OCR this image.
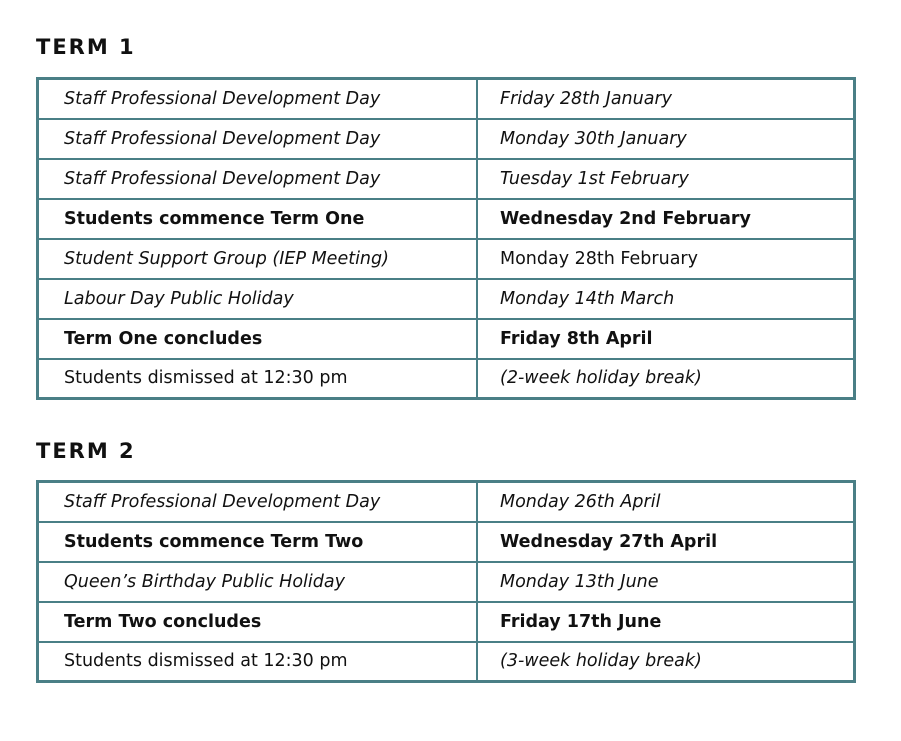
TERM 1
Staff Professional Development Day	Friday 28th January
Staff Professional Development Day	Monday 30th January
Staff Professional Development Day	Tuesday 1st February
Students commence Term One	Wednesday 2nd February
Student Support Group (IEP Meeting)	Monday 28th February
Labour Day Public Holiday	Monday 14th March
Term One concludes	Friday 8th April
Students dismissed at 12:30 pm	(2-week holiday break)
TERM 2
Staff Professional Development Day	Monday 26th April
Students commence Term Two	Wednesday 27th April
Queen’s Birthday Public Holiday	Monday 13th June
Term Two concludes	Friday 17th June
Students dismissed at 12:30 pm	(3-week holiday break)
